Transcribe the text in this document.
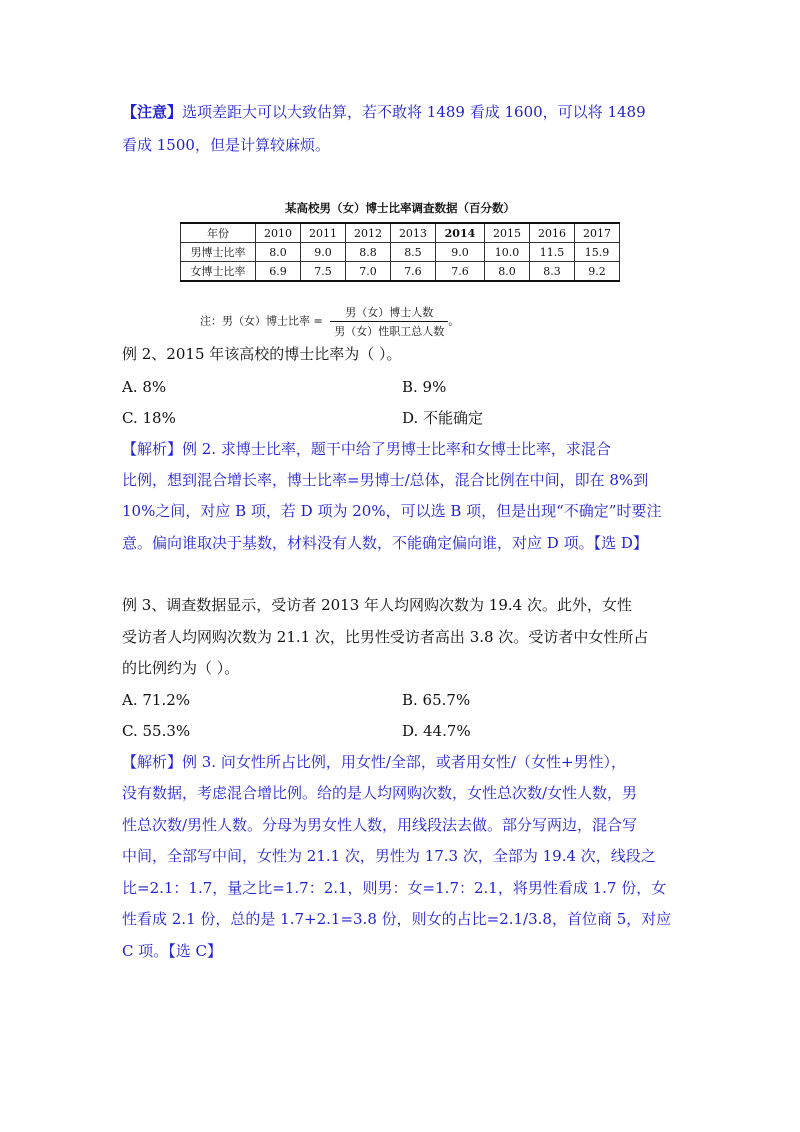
【注意】选项差距大可以大致估算，若不敢将 1489 看成 1600，可以将 1489
看成 1500，但是计算较麻烦。
某高校男（女）博士比率调查数据（百分数）
年份	2010	2011	2012	2013	2014	2015	2016	2017
男博士比率	8.0	9.0	8.8	8.5	9.0	10.0	11.5	15.9
女博士比率	6.9	7.5	7.0	7.6	7.6	8.0	8.3	9.2
注：男（女）博士比率 = $\frac{\text{男（女）博士人数}}{\text{男（女）性职工总人数}}$ 。
例 2、2015 年该高校的博士比率为（ ）。
A. 8%	B. 9%
C. 18%	D. 不能确定
【解析】例 2. 求博士比率，题干中给了男博士比率和女博士比率，求混合
比例，想到混合增长率，博士比率=男博士/总体，混合比例在中间，即在 8%到
10%之间，对应 B 项，若 D 项为 20%，可以选 B 项，但是出现“不确定”时要注
意。偏向谁取决于基数，材料没有人数，不能确定偏向谁，对应 D 项。【选 D】
例 3、调查数据显示，受访者 2013 年人均网购次数为 19.4 次。此外，女性
受访者人均网购次数为 21.1 次，比男性受访者高出 3.8 次。受访者中女性所占
的比例约为（ ）。
A. 71.2%	B. 65.7%
C. 55.3%	D. 44.7%
【解析】例 3. 问女性所占比例，用女性/全部，或者用女性/（女性+男性），
没有数据，考虑混合增比例。给的是人均网购次数，女性总次数/女性人数，男
性总次数/男性人数。分母为男女性人数，用线段法去做。部分写两边，混合写
中间，全部写中间，女性为 21.1 次，男性为 17.3 次，全部为 19.4 次，线段之
比=2.1：1.7，量之比=1.7：2.1，则男：女=1.7：2.1，将男性看成 1.7 份，女
性看成 2.1 份，总的是 1.7+2.1=3.8 份，则女的占比=2.1/3.8，首位商 5，对应
C 项。【选 C】
